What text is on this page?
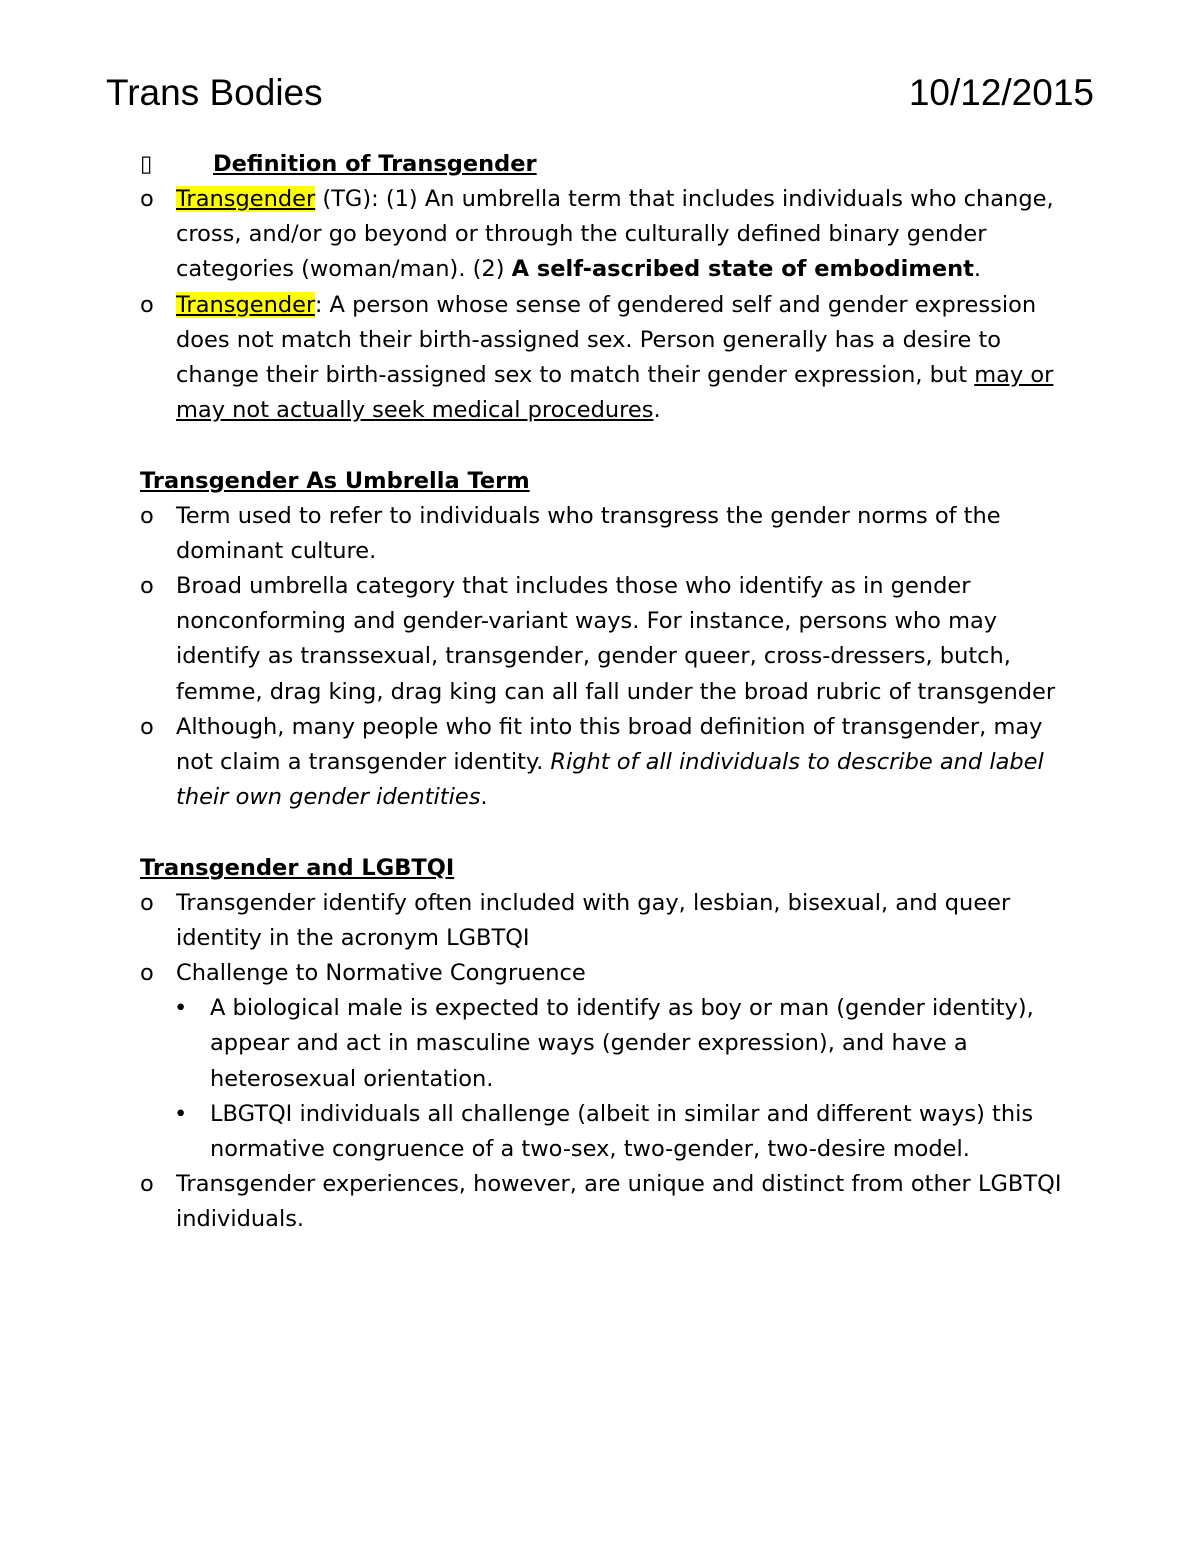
Trans Bodies	10/12/2015
▯	Definition of Transgender
o Transgender (TG): (1) An umbrella term that includes individuals who change, cross, and/or go beyond or through the culturally defined binary gender categories (woman/man). (2) A self-ascribed state of embodiment.
o Transgender: A person whose sense of gendered self and gender expression does not match their birth-assigned sex. Person generally has a desire to change their birth-assigned sex to match their gender expression, but may or may not actually seek medical procedures.
Transgender As Umbrella Term
o Term used to refer to individuals who transgress the gender norms of the dominant culture.
o Broad umbrella category that includes those who identify as in gender nonconforming and gender-variant ways. For instance, persons who may identify as transsexual, transgender, gender queer, cross-dressers, butch, femme, drag king, drag king can all fall under the broad rubric of transgender
o Although, many people who fit into this broad definition of transgender, may not claim a transgender identity. Right of all individuals to describe and label their own gender identities.
Transgender and LGBTQI
o Transgender identify often included with gay, lesbian, bisexual, and queer identity in the acronym LGBTQI
o Challenge to Normative Congruence
•	A biological male is expected to identify as boy or man (gender identity), appear and act in masculine ways (gender expression), and have a heterosexual orientation.
•	LBGTQI individuals all challenge (albeit in similar and different ways) this normative congruence of a two-sex, two-gender, two-desire model.
o Transgender experiences, however, are unique and distinct from other LGBTQI individuals.
